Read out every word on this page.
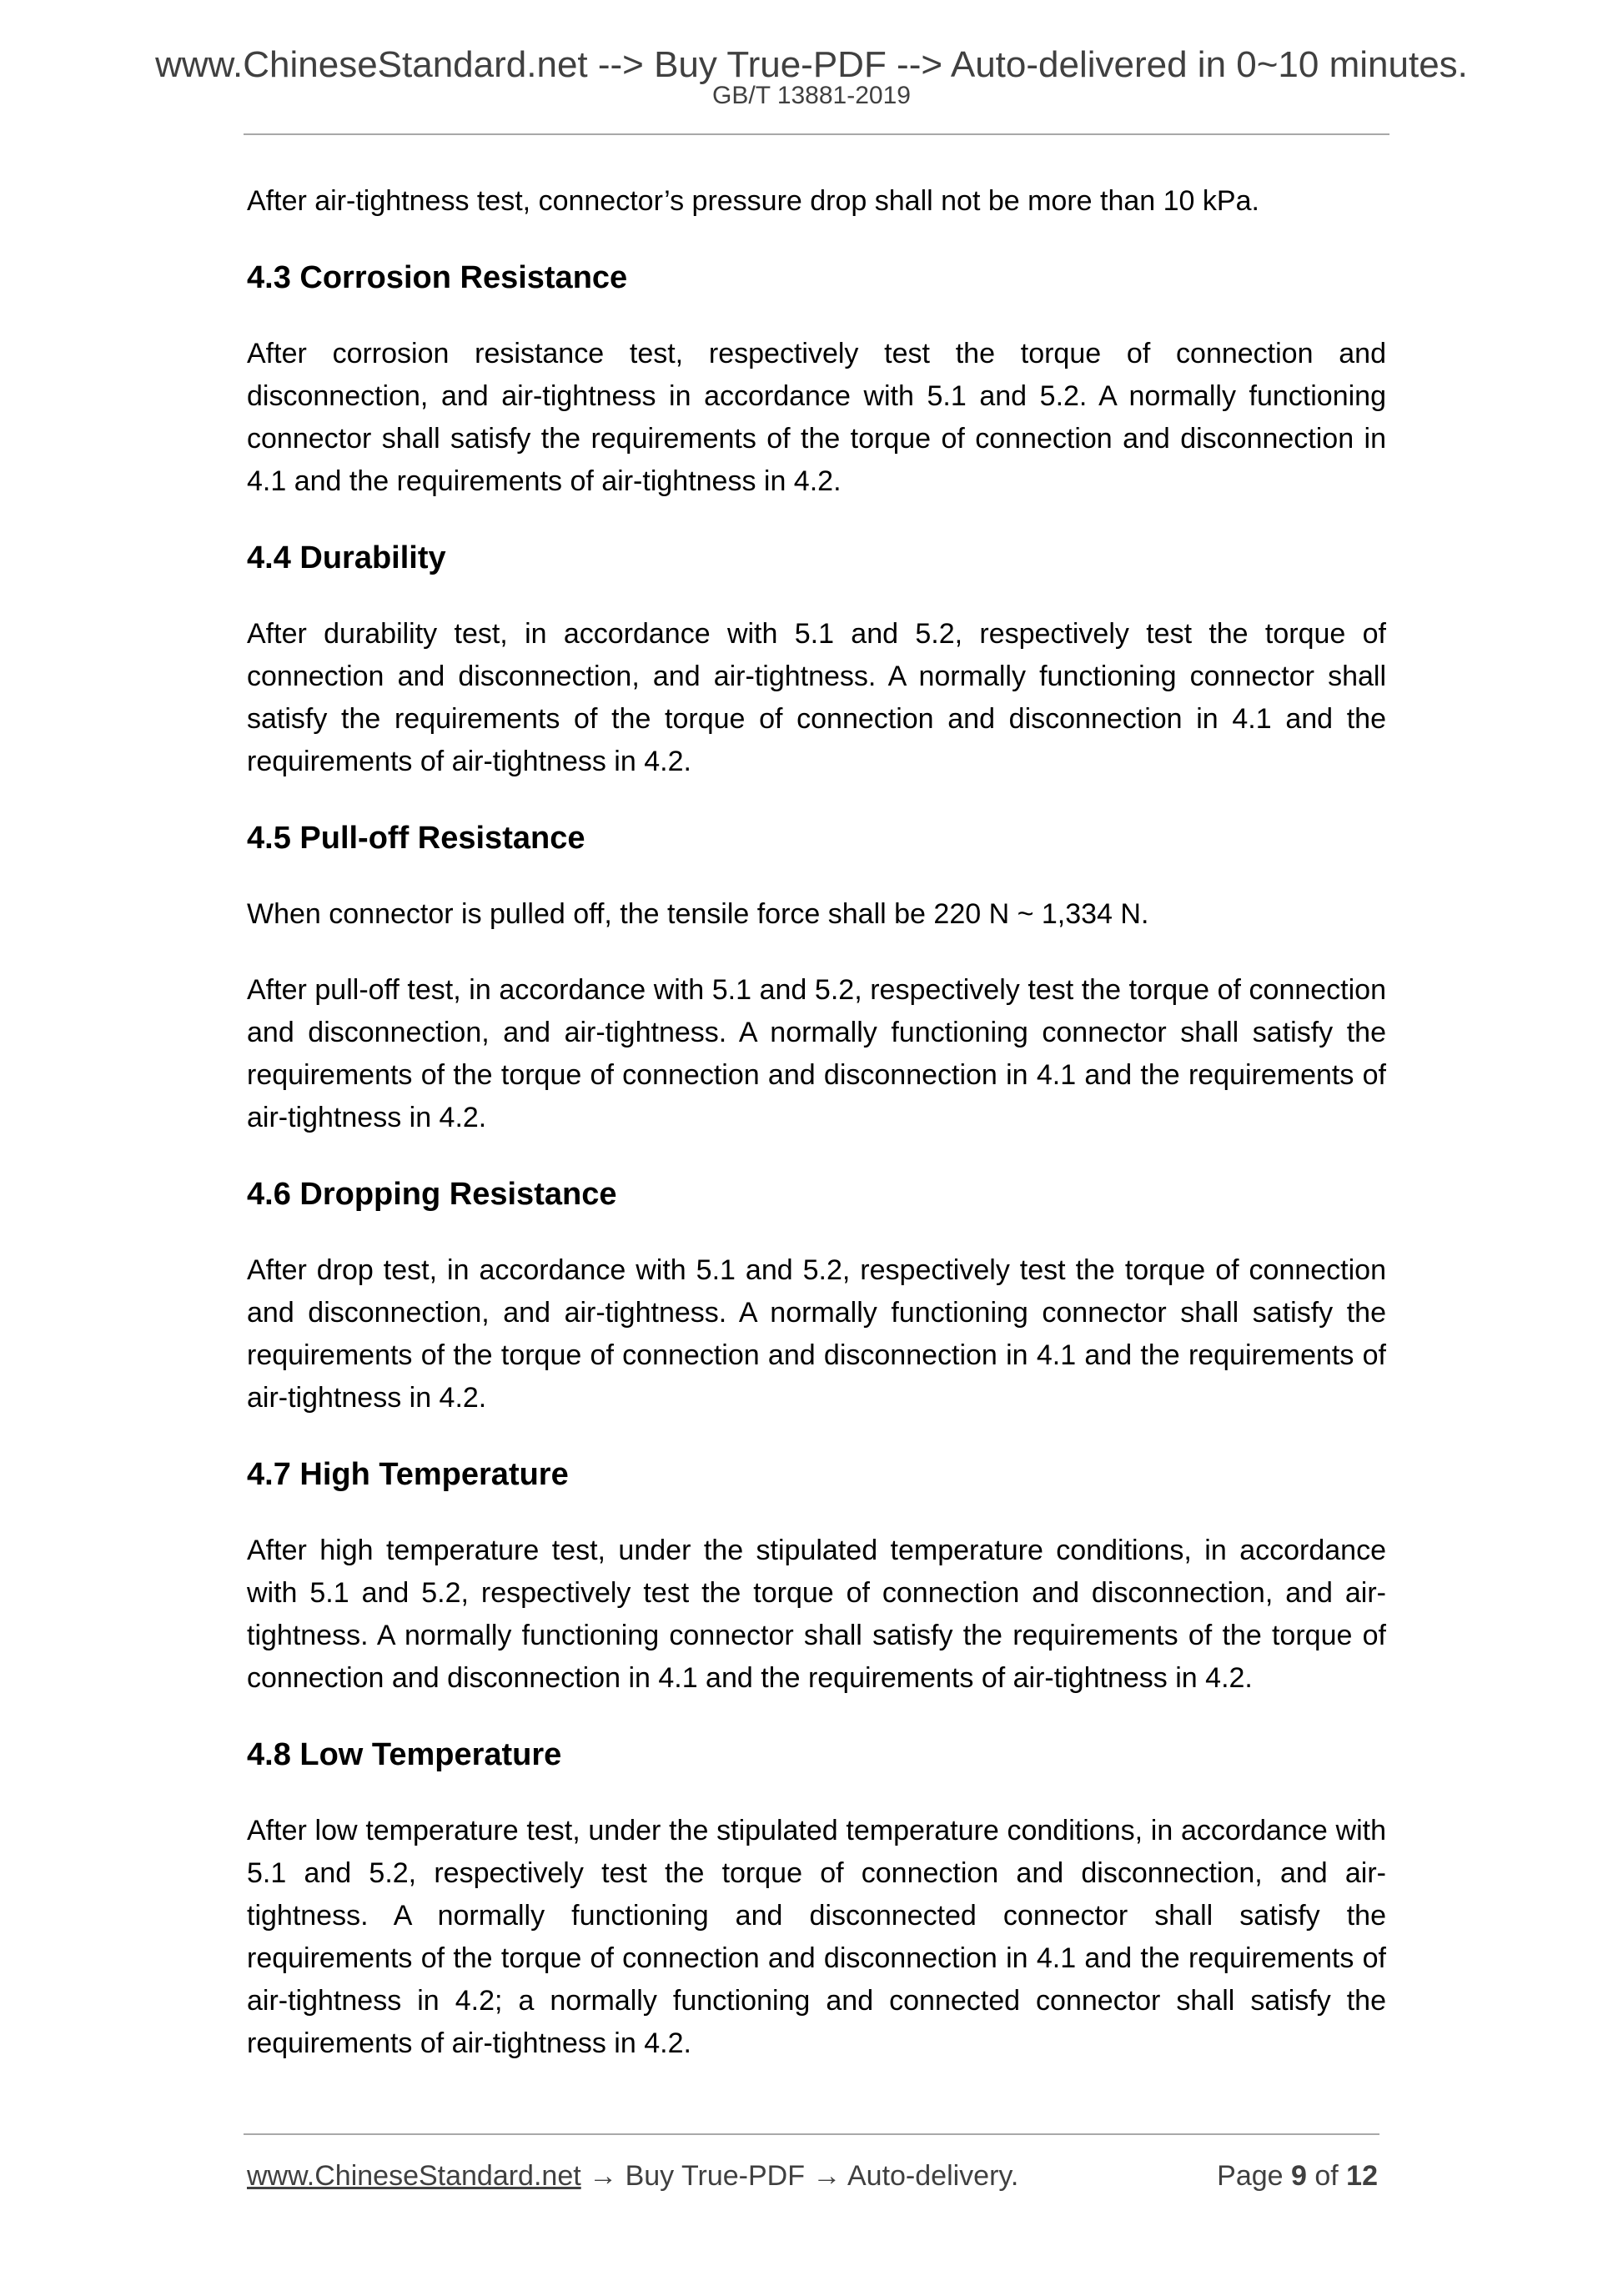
www.ChineseStandard.net --> Buy True-PDF --> Auto-delivered in 0~10 minutes.
GB/T 13881-2019

After air-tightness test, connector’s pressure drop shall not be more than 10 kPa.

4.3 Corrosion Resistance

After corrosion resistance test, respectively test the torque of connection and disconnection, and air-tightness in accordance with 5.1 and 5.2. A normally functioning connector shall satisfy the requirements of the torque of connection and disconnection in 4.1 and the requirements of air-tightness in 4.2.

4.4 Durability

After durability test, in accordance with 5.1 and 5.2, respectively test the torque of connection and disconnection, and air-tightness. A normally functioning connector shall satisfy the requirements of the torque of connection and disconnection in 4.1 and the requirements of air-tightness in 4.2.

4.5 Pull-off Resistance

When connector is pulled off, the tensile force shall be 220 N ~ 1,334 N.

After pull-off test, in accordance with 5.1 and 5.2, respectively test the torque of connection and disconnection, and air-tightness. A normally functioning connector shall satisfy the requirements of the torque of connection and disconnection in 4.1 and the requirements of air-tightness in 4.2.

4.6 Dropping Resistance

After drop test, in accordance with 5.1 and 5.2, respectively test the torque of connection and disconnection, and air-tightness. A normally functioning connector shall satisfy the requirements of the torque of connection and disconnection in 4.1 and the requirements of air-tightness in 4.2.

4.7 High Temperature

After high temperature test, under the stipulated temperature conditions, in accordance with 5.1 and 5.2, respectively test the torque of connection and disconnection, and air-tightness. A normally functioning connector shall satisfy the requirements of the torque of connection and disconnection in 4.1 and the requirements of air-tightness in 4.2.

4.8 Low Temperature

After low temperature test, under the stipulated temperature conditions, in accordance with 5.1 and 5.2, respectively test the torque of connection and disconnection, and air-tightness. A normally functioning and disconnected connector shall satisfy the requirements of the torque of connection and disconnection in 4.1 and the requirements of air-tightness in 4.2; a normally functioning and connected connector shall satisfy the requirements of air-tightness in 4.2.

www.ChineseStandard.net → Buy True-PDF → Auto-delivery.	Page 9 of 12
